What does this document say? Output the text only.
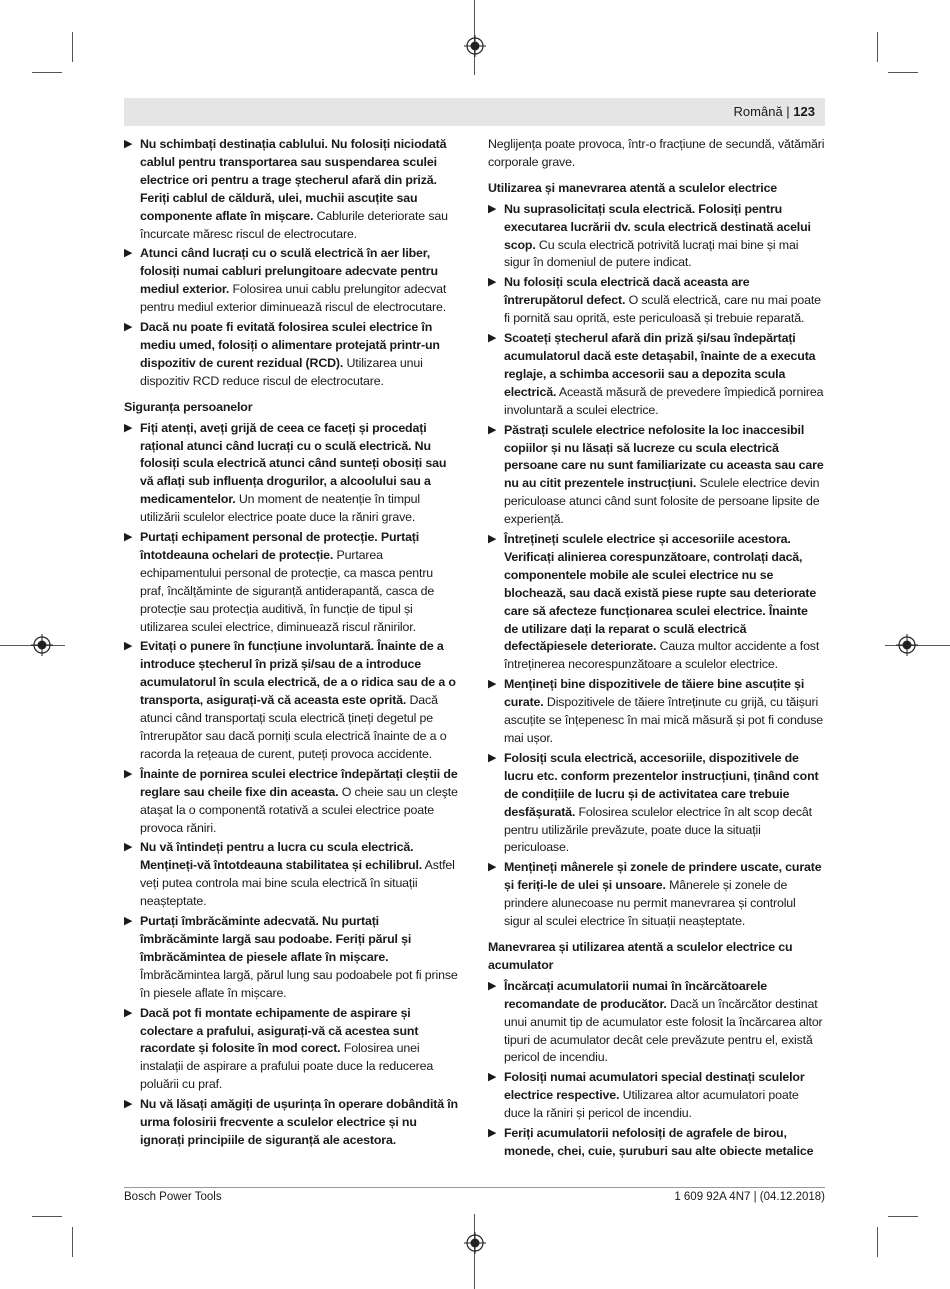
Română | 123
▶ Nu schimbați destinația cablului. Nu folosiți niciodată cablul pentru transportarea sau suspendarea sculei electrice ori pentru a trage ștecherul afară din priză. Feriți cablul de căldură, ulei, muchii ascuțite sau componente aflate în mișcare. Cablurile deteriorate sau încurcate măresc riscul de electrocutare.
▶ Atunci când lucrați cu o sculă electrică în aer liber, folosiți numai cabluri prelungitoare adecvate pentru mediul exterior. Folosirea unui cablu prelungitor adecvat pentru mediul exterior diminuează riscul de electrocutare.
▶ Dacă nu poate fi evitată folosirea sculei electrice în mediu umed, folosiți o alimentare protejată printr-un dispozitiv de curent rezidual (RCD). Utilizarea unui dispozitiv RCD reduce riscul de electrocutare.
Siguranța persoanelor
▶ Fiți atenți, aveți grijă de ceea ce faceți și procedați rațional atunci când lucrați cu o sculă electrică. Nu folosiți scula electrică atunci când sunteți obosiți sau vă aflați sub influența drogurilor, a alcoolului sau a medicamentelor. Un moment de neatenție în timpul utilizării sculelor electrice poate duce la răniri grave.
▶ Purtați echipament personal de protecție. Purtați întotdeauna ochelari de protecție. Purtarea echipamentului personal de protecție, ca masca pentru praf, încălțăminte de siguranță antiderapantă, casca de protecție sau protecția auditivă, în funcție de tipul și utilizarea sculei electrice, diminuează riscul rănirilor.
▶ Evitați o punere în funcțiune involuntară. Înainte de a introduce ștecherul în priză și/sau de a introduce acumulatorul în scula electrică, de a o ridica sau de a o transporta, asigurați-vă că aceasta este oprită. Dacă atunci când transportați scula electrică țineți degetul pe întrerupător sau dacă porniți scula electrică înainte de a o racorda la rețeaua de curent, puteți provoca accidente.
▶ Înainte de pornirea sculei electrice îndepărtați cleștii de reglare sau cheile fixe din aceasta. O cheie sau un cleşte ataşat la o componentă rotativă a sculei electrice poate provoca răniri.
▶ Nu vă întindeți pentru a lucra cu scula electrică. Mențineți-vă întotdeauna stabilitatea și echilibrul. Astfel veți putea controla mai bine scula electrică în situații neașteptate.
▶ Purtați îmbrăcăminte adecvată. Nu purtați îmbrăcăminte largă sau podoabe. Feriți părul și îmbrăcămintea de piesele aflate în mișcare. Îmbrăcămintea largă, părul lung sau podoabele pot fi prinse în piesele aflate în mișcare.
▶ Dacă pot fi montate echipamente de aspirare și colectare a prafului, asigurați-vă că acestea sunt racordate și folosite în mod corect. Folosirea unei instalații de aspirare a prafului poate duce la reducerea poluării cu praf.
▶ Nu vă lăsați amăgiți de ușurința în operare dobândită în urma folosirii frecvente a sculelor electrice și nu ignorați principiile de siguranță ale acestora.
Neglijența poate provoca, într-o fracțiune de secundă, vătămări corporale grave.
Utilizarea și manevrarea atentă a sculelor electrice
▶ Nu suprasolicitați scula electrică. Folosiți pentru executarea lucrării dv. scula electrică destinată acelui scop. Cu scula electrică potrivită lucrați mai bine și mai sigur în domeniul de putere indicat.
▶ Nu folosiți scula electrică dacă aceasta are întrerupătorul defect. O sculă electrică, care nu mai poate fi pornită sau oprită, este periculoasă și trebuie reparată.
▶ Scoateți ștecherul afară din priză și/sau îndepărtați acumulatorul dacă este detașabil, înainte de a executa reglaje, a schimba accesorii sau a depozita scula electrică. Această măsură de prevedere împiedică pornirea involuntară a sculei electrice.
▶ Păstrați sculele electrice nefolosite la loc inaccesibil copiilor și nu lăsați să lucreze cu scula electrică persoane care nu sunt familiarizate cu aceasta sau care nu au citit prezentele instrucțiuni. Sculele electrice devin periculoase atunci când sunt folosite de persoane lipsite de experiență.
▶ Întrețineți sculele electrice și accesoriile acestora. Verificați alinierea corespunzătoare, controlați dacă, componentele mobile ale sculei electrice nu se blochează, sau dacă există piese rupte sau deteriorate care să afecteze funcționarea sculei electrice. Înainte de utilizare dați la reparat o sculă electrică defectăpiesele deteriorate. Cauza multor accidente a fost întreținerea necorespunzătoare a sculelor electrice.
▶ Mențineți bine dispozitivele de tăiere bine ascuțite și curate. Dispozitivele de tăiere întreținute cu grijă, cu tăișuri ascuțite se înțepenesc în mai mică măsură și pot fi conduse mai ușor.
▶ Folosiți scula electrică, accesoriile, dispozitivele de lucru etc. conform prezentelor instrucțiuni, ținând cont de condițiile de lucru și de activitatea care trebuie desfășurată. Folosirea sculelor electrice în alt scop decât pentru utilizările prevăzute, poate duce la situații periculoase.
▶ Mențineți mânerele și zonele de prindere uscate, curate și feriți-le de ulei și unsoare. Mânerele și zonele de prindere alunecoase nu permit manevrarea și controlul sigur al sculei electrice în situații neașteptate.
Manevrarea și utilizarea atentă a sculelor electrice cu acumulator
▶ Încărcați acumulatorii numai în încărcătoarele recomandate de producător. Dacă un încărcător destinat unui anumit tip de acumulator este folosit la încărcarea altor tipuri de acumulator decât cele prevăzute pentru el, există pericol de incendiu.
▶ Folosiți numai acumulatori special destinați sculelor electrice respective. Utilizarea altor acumulatori poate duce la răniri și pericol de incendiu.
▶ Feriți acumulatorii nefolosiți de agrafele de birou, monede, chei, cuie, șuruburi sau alte obiecte metalice
Bosch Power Tools	1 609 92A 4N7 | (04.12.2018)
